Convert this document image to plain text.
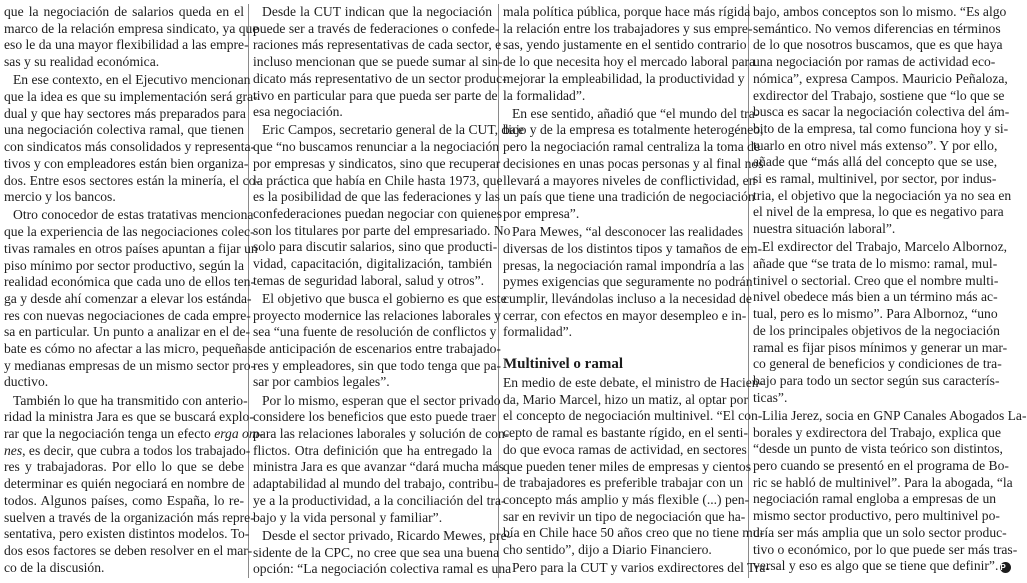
que la negociación de salarios queda en el
marco de la relación empresa sindicato, ya que
eso le da una mayor flexibilidad a las empre-
sas y su realidad económica.
En ese contexto, en el Ejecutivo mencionan
que la idea es que su implementación será gra-
dual y que hay sectores más preparados para
una negociación colectiva ramal, que tienen
con sindicatos más consolidados y representa-
tivos y con empleadores están bien organiza-
dos. Entre esos sectores están la minería, el co-
mercio y los bancos.
Otro conocedor de estas tratativas menciona
que la experiencia de las negociaciones colec-
tivas ramales en otros países apuntan a fijar un
piso mínimo por sector productivo, según la
realidad económica que cada uno de ellos ten-
ga y desde ahí comenzar a elevar los estánda-
res con nuevas negociaciones de cada empre-
sa en particular. Un punto a analizar en el de-
bate es cómo no afectar a las micro, pequeñas
y medianas empresas de un mismo sector pro-
ductivo.
También lo que ha transmitido con anterio-
ridad la ministra Jara es que se buscará explo-
rar que la negociación tenga un efecto erga om-
nes, es decir, que cubra a todos los trabajado-
res y trabajadoras. Por ello lo que se debe
determinar es quién negociará en nombre de
todos. Algunos países, como España, lo re-
suelven a través de la organización más repre-
sentativa, pero existen distintos modelos. To-
dos esos factores se deben resolver en el mar-
co de la discusión.
Desde la CUT indican que la negociación
puede ser a través de federaciones o confede-
raciones más representativas de cada sector, e
incluso mencionan que se puede sumar al sin-
dicato más representativo de un sector produc-
tivo en particular para que pueda ser parte de
esa negociación.
Eric Campos, secretario general de la CUT, dice
que “no buscamos renunciar a la negociación
por empresas y sindicatos, sino que recuperar
la práctica que había en Chile hasta 1973, que
es la posibilidad de que las federaciones y las
confederaciones puedan negociar con quienes
son los titulares por parte del empresariado. No
solo para discutir salarios, sino que producti-
vidad, capacitación, digitalización, también
temas de seguridad laboral, salud y otros”.
El objetivo que busca el gobierno es que este
proyecto modernice las relaciones laborales y
sea “una fuente de resolución de conflictos y
de anticipación de escenarios entre trabajado-
res y empleadores, sin que todo tenga que pa-
sar por cambios legales”.
Por lo mismo, esperan que el sector privado
considere los beneficios que esto puede traer
para las relaciones laborales y solución de con-
flictos. Otra definición que ha entregado la
ministra Jara es que avanzar “dará mucha más
adaptabilidad al mundo del trabajo, contribu-
ye a la productividad, a la conciliación del tra-
bajo y la vida personal y familiar”.
Desde el sector privado, Ricardo Mewes, pre-
sidente de la CPC, no cree que sea una buena
opción: “La negociación colectiva ramal es una
mala política pública, porque hace más rígida
la relación entre los trabajadores y sus empre-
sas, yendo justamente en el sentido contrario
de lo que necesita hoy el mercado laboral para
mejorar la empleabilidad, la productividad y
la formalidad”.
En ese sentido, añadió que “el mundo del tra-
bajo y de la empresa es totalmente heterogéneo,
pero la negociación ramal centraliza la toma de
decisiones en unas pocas personas y al final nos
llevará a mayores niveles de conflictividad, en
un país que tiene una tradición de negociación
por empresa”.
Para Mewes, “al desconocer las realidades
diversas de los distintos tipos y tamaños de em-
presas, la negociación ramal impondría a las
pymes exigencias que seguramente no podrán
cumplir, llevándolas incluso a la necesidad de
cerrar, con efectos en mayor desempleo e in-
formalidad”.
Multinivel o ramal
En medio de este debate, el ministro de Hacien-
da, Mario Marcel, hizo un matiz, al optar por
el concepto de negociación multinivel. “El con-
cepto de ramal es bastante rígido, en el senti-
do que evoca ramas de actividad, en sectores
que pueden tener miles de empresas y cientos
de trabajadores es preferible trabajar con un
concepto más amplio y más flexible (...) pen-
sar en revivir un tipo de negociación que ha-
bía en Chile hace 50 años creo que no tiene mu-
cho sentido”, dijo a Diario Financiero.
Pero para la CUT y varios exdirectores del Tra-
bajo, ambos conceptos son lo mismo. “Es algo
semántico. No vemos diferencias en términos
de lo que nosotros buscamos, que es que haya
una negociación por ramas de actividad eco-
nómica”, expresa Campos. Mauricio Peñaloza,
exdirector del Trabajo, sostiene que “lo que se
busca es sacar la negociación colectiva del ám-
bito de la empresa, tal como funciona hoy y si-
tuarlo en otro nivel más extenso”. Y por ello,
añade que “más allá del concepto que se use,
si es ramal, multinivel, por sector, por indus-
tria, el objetivo que la negociación ya no sea en
el nivel de la empresa, lo que es negativo para
nuestra situación laboral”.
El exdirector del Trabajo, Marcelo Albornoz,
añade que “se trata de lo mismo: ramal, mul-
tinivel o sectorial. Creo que el nombre multi-
nivel obedece más bien a un término más ac-
tual, pero es lo mismo”. Para Albornoz, “uno
de los principales objetivos de la negociación
ramal es fijar pisos mínimos y generar un mar-
co general de beneficios y condiciones de tra-
bajo para todo un sector según sus caracterís-
ticas”.
Lilia Jerez, socia en GNP Canales Abogados La-
borales y exdirectora del Trabajo, explica que
“desde un punto de vista teórico son distintos,
pero cuando se presentó en el programa de Bo-
ric se habló de multinivel”. Para la abogada, “la
negociación ramal engloba a empresas de un
mismo sector productivo, pero multinivel po-
dría ser más amplia que un solo sector produc-
tivo o económico, por lo que puede ser más tras-
versal y eso es algo que se tiene que definir”. P
